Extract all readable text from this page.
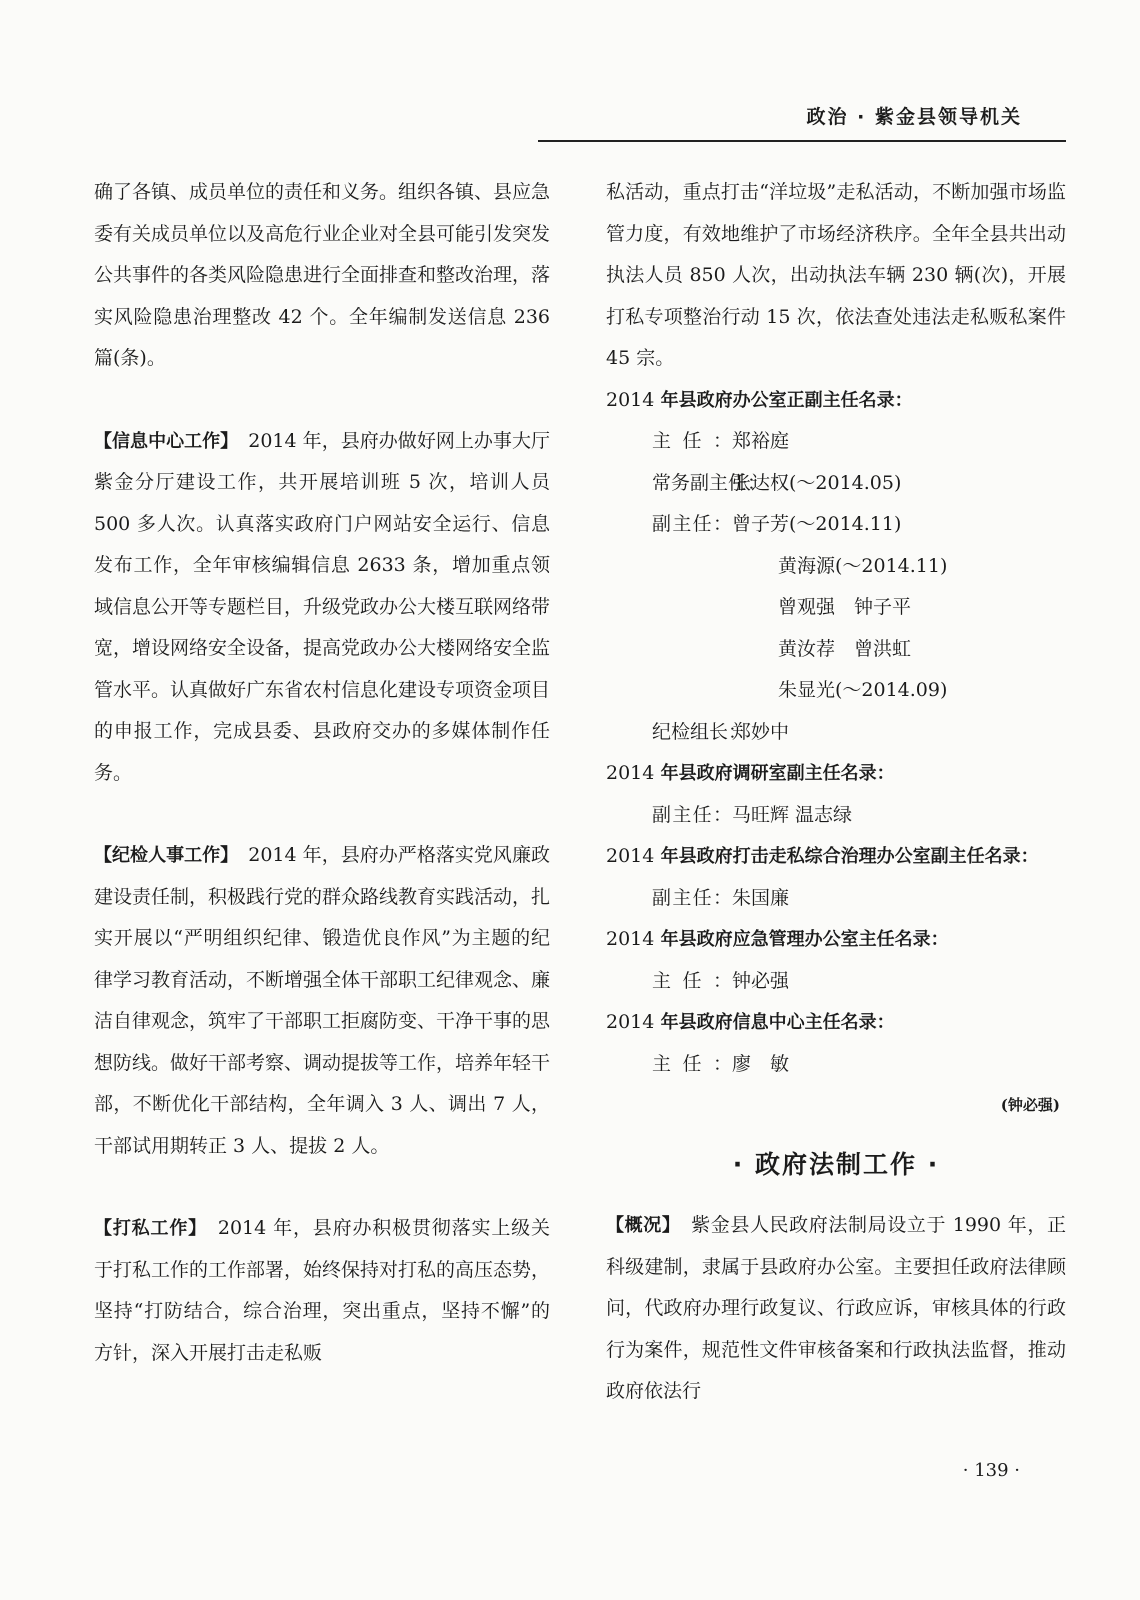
政治 · 紫金县领导机关

确了各镇、成员单位的责任和义务。组织各镇、县应急委有关成员单位以及高危行业企业对全县可能引发突发公共事件的各类风险隐患进行全面排查和整改治理，落实风险隐患治理整改 42 个。全年编制发送信息 236 篇(条)。

【信息中心工作】　 2014 年，县府办做好网上办事大厅紫金分厅建设工作，共开展培训班 5 次，培训人员 500 多人次。认真落实政府门户网站安全运行、信息发布工作，全年审核编辑信息 2633 条，增加重点领域信息公开等专题栏目，升级党政办公大楼互联网络带宽，增设网络安全设备，提高党政办公大楼网络安全监管水平。认真做好广东省农村信息化建设专项资金项目的申报工作，完成县委、县政府交办的多媒体制作任务。

【纪检人事工作】　 2014 年，县府办严格落实党风廉政建设责任制，积极践行党的群众路线教育实践活动，扎实开展以“严明组织纪律、锻造优良作风”为主题的纪律学习教育活动，不断增强全体干部职工纪律观念、廉洁自律观念，筑牢了干部职工拒腐防变、干净干事的思想防线。做好干部考察、调动提拔等工作，培养年轻干部，不断优化干部结构，全年调入 3 人、调出 7 人，干部试用期转正 3 人、提拔 2 人。

【打私工作】　 2014 年，县府办积极贯彻落实上级关于打私工作的工作部署，始终保持对打私的高压态势，坚持“打防结合，综合治理，突出重点，坚持不懈”的方针，深入开展打击走私贩

私活动，重点打击“洋垃圾”走私活动，不断加强市场监管力度，有效地维护了市场经济秩序。全年全县共出动执法人员 850 人次，出动执法车辆 230 辆(次)，开展打私专项整治行动 15 次，依法查处违法走私贩私案件 45 宗。

2014 年县政府办公室正副主任名录：
主任： 郑裕庭
常务副主任：
张达权(～2014.05)
副主任： 曾子芳(～2014.11)
黄海源(～2014.11)
曾观强　钟子平
黄汝荐　曾洪虹
朱显光(～2014.09)
纪检组长：
郑妙中
2014 年县政府调研室副主任名录：
副主任： 马旺辉 温志绿
2014 年县政府打击走私综合治理办公室副主任名录：
副主任： 朱国廉
2014 年县政府应急管理办公室主任名录：
主任： 钟必强
2014 年县政府信息中心主任名录：
主任： 廖　敏
(钟必强)
· 政府法制工作 ·

【概况】　 紫金县人民政府法制局设立于 1990 年，正科级建制，隶属于县政府办公室。主要担任政府法律顾问，代政府办理行政复议、行政应诉，审核具体的行政行为案件，规范性文件审核备案和行政执法监督，推动政府依法行

· 139 ·
